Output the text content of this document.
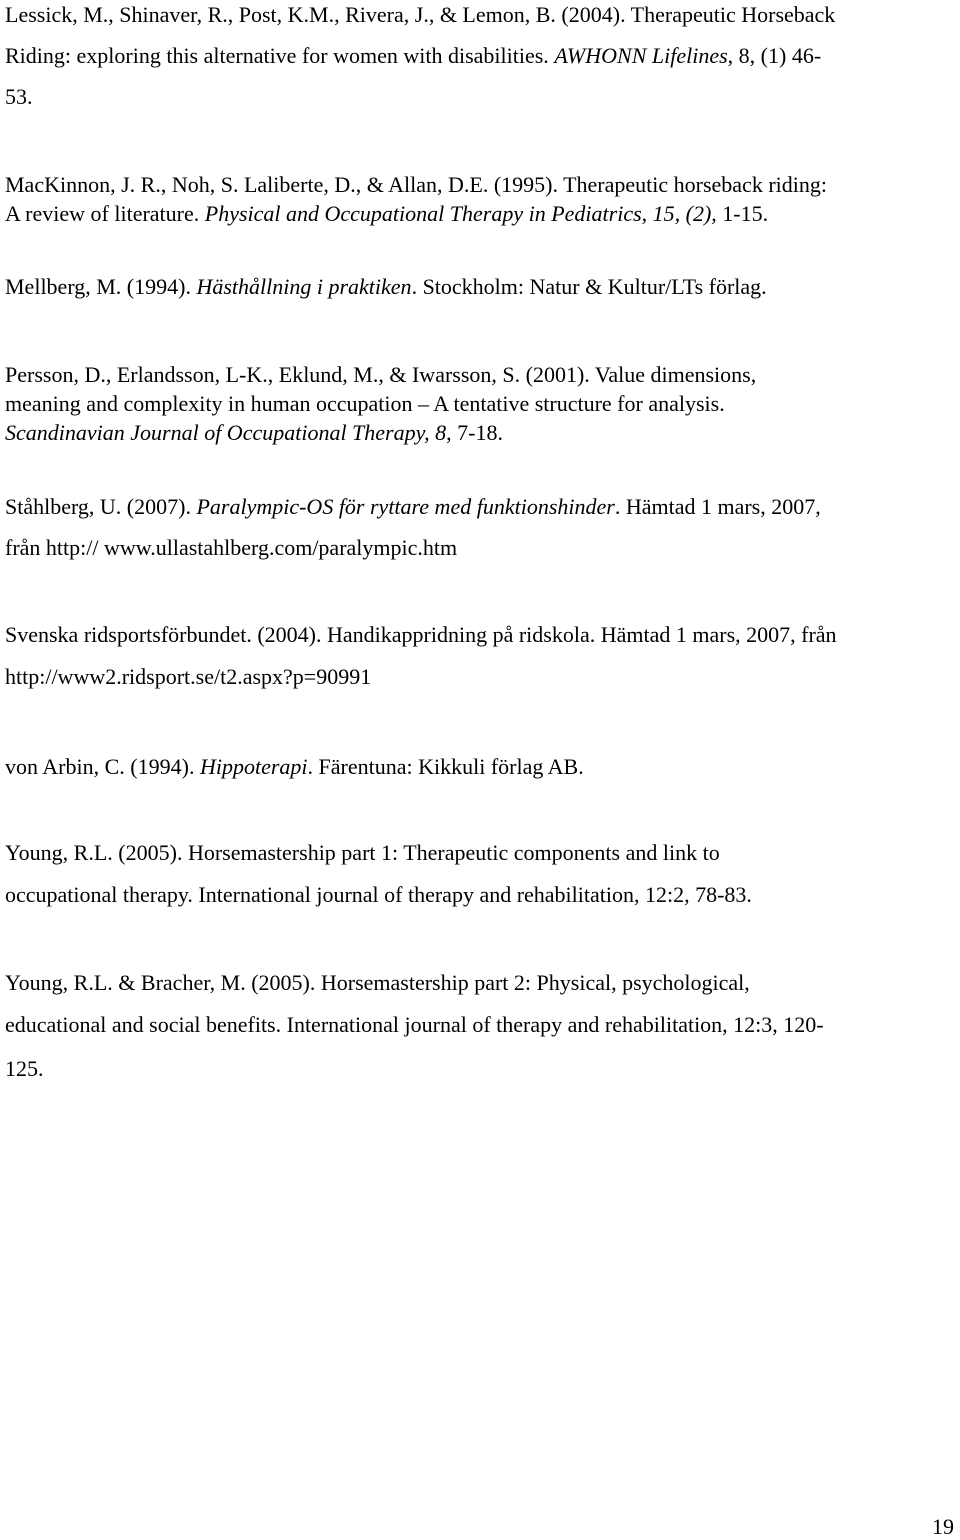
Lessick, M., Shinaver, R., Post, K.M., Rivera, J., & Lemon, B. (2004). Therapeutic Horseback
Riding: exploring this alternative for women with disabilities. AWHONN Lifelines, 8, (1) 46-
53.
MacKinnon, J. R., Noh, S. Laliberte, D., & Allan, D.E. (1995). Therapeutic horseback riding:
A review of literature. Physical and Occupational Therapy in Pediatrics, 15, (2), 1-15.
Mellberg, M. (1994). Hästhållning i praktiken. Stockholm: Natur & Kultur/LTs förlag.
Persson, D., Erlandsson, L-K., Eklund, M., & Iwarsson, S. (2001). Value dimensions,
meaning and complexity in human occupation – A tentative structure for analysis.
Scandinavian Journal of Occupational Therapy, 8, 7-18.
Ståhlberg, U. (2007). Paralympic-OS för ryttare med funktionshinder. Hämtad 1 mars, 2007,
från http:// www.ullastahlberg.com/paralympic.htm
Svenska ridsportsförbundet. (2004). Handikappridning på ridskola. Hämtad 1 mars, 2007, från
http://www2.ridsport.se/t2.aspx?p=90991
von Arbin, C. (1994). Hippoterapi. Färentuna: Kikkuli förlag AB.
Young, R.L. (2005). Horsemastership part 1: Therapeutic components and link to
occupational therapy. International journal of therapy and rehabilitation, 12:2, 78-83.
Young, R.L. & Bracher, M. (2005). Horsemastership part 2: Physical, psychological,
educational and social benefits. International journal of therapy and rehabilitation, 12:3, 120-
125.
19
